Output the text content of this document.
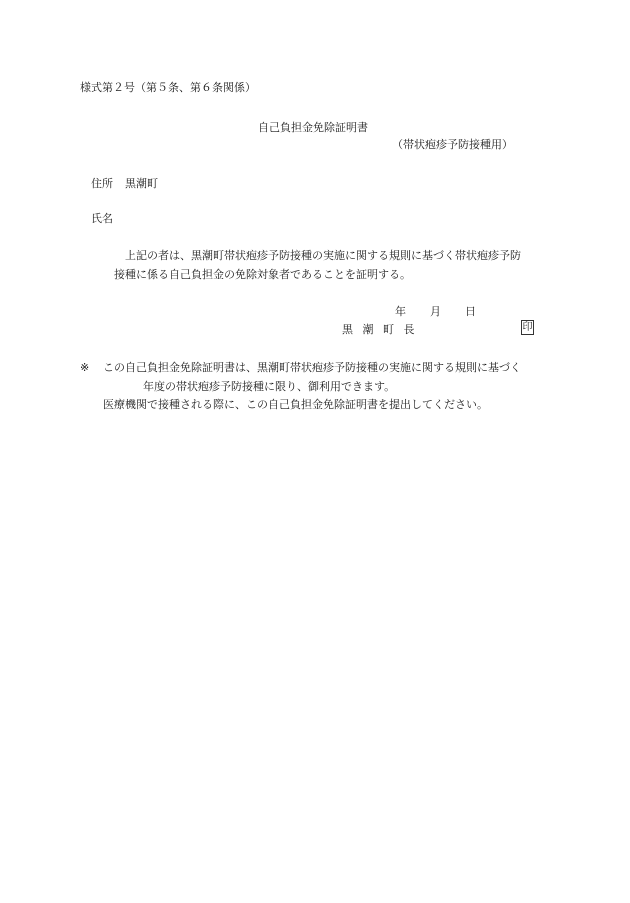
様式第２号（第５条、第６条関係）
自己負担金免除証明書
（帯状疱疹予防接種用）
住所 黒潮町
氏名
上記の者は、黒潮町帯状疱疹予防接種の実施に関する規則に基づく帯状疱疹予防
接種に係る自己負担金の免除対象者であることを証明する。
年 月 日
黒 潮 町 長	印
※ この自己負担金免除証明書は、黒潮町帯状疱疹予防接種の実施に関する規則に基づく
年度の帯状疱疹予防接種に限り、御利用できます。
医療機関で接種される際に、この自己負担金免除証明書を提出してください。
